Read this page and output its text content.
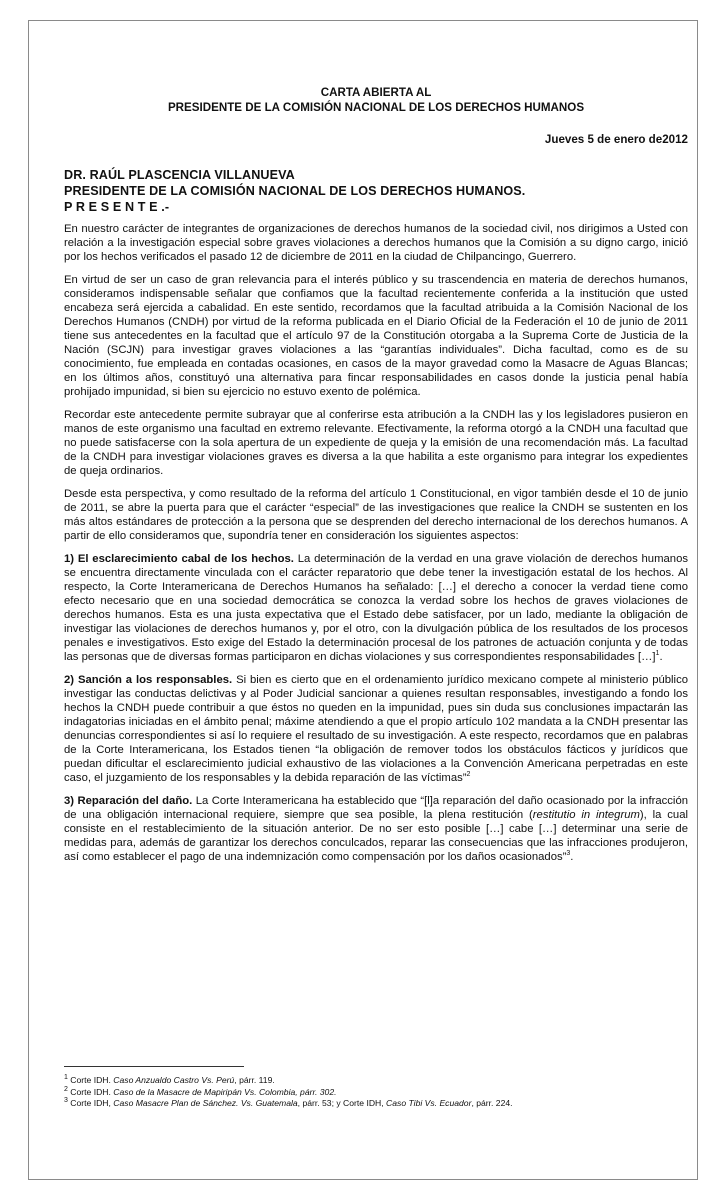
CARTA ABIERTA AL
PRESIDENTE DE LA COMISIÓN NACIONAL DE LOS DERECHOS HUMANOS
Jueves 5 de enero de2012
DR. RAÚL PLASCENCIA VILLANUEVA
PRESIDENTE DE LA COMISIÓN NACIONAL DE LOS DERECHOS HUMANOS.
P R E S E N T E .-

En nuestro carácter de integrantes de organizaciones de derechos humanos de la sociedad civil, nos dirigimos a Usted con relación a la investigación especial sobre graves violaciones a derechos humanos que la Comisión a su digno cargo, inició por los hechos verificados el pasado 12 de diciembre de 2011 en la ciudad de Chilpancingo, Guerrero.

En virtud de ser un caso de gran relevancia para el interés público y su trascendencia en materia de derechos humanos, consideramos indispensable señalar que confiamos que la facultad recientemente conferida a la institución que usted encabeza será ejercida a cabalidad. En este sentido, recordamos que la facultad atribuida a la Comisión Nacional de los Derechos Humanos (CNDH) por virtud de la reforma publicada en el Diario Oficial de la Federación el 10 de junio de 2011 tiene sus antecedentes en la facultad que el artículo 97 de la Constitución otorgaba a la Suprema Corte de Justicia de la Nación (SCJN) para investigar graves violaciones a las “garantías individuales”. Dicha facultad, como es de su conocimiento, fue empleada en contadas ocasiones, en casos de la mayor gravedad como la Masacre de Aguas Blancas; en los últimos años, constituyó una alternativa para fincar responsabilidades en casos donde la justicia penal había prohijado impunidad, si bien su ejercicio no estuvo exento de polémica.

Recordar este antecedente permite subrayar que al conferirse esta atribución a la CNDH las y los legisladores pusieron en manos de este organismo una facultad en extremo relevante. Efectivamente, la reforma otorgó a la CNDH una facultad que no puede satisfacerse con la sola apertura de un expediente de queja y la emisión de una recomendación más. La facultad de la CNDH para investigar violaciones graves es diversa a la que habilita a este organismo para integrar los expedientes de queja ordinarios.

Desde esta perspectiva, y como resultado de la reforma del artículo 1 Constitucional, en vigor también desde el 10 de junio de 2011, se abre la puerta para que el carácter “especial” de las investigaciones que realice la CNDH se sustenten en los más altos estándares de protección a la persona que se desprenden del derecho internacional de los derechos humanos. A partir de ello consideramos que, supondría tener en consideración los siguientes aspectos:

1) El esclarecimiento cabal de los hechos. La determinación de la verdad en una grave violación de derechos humanos se encuentra directamente vinculada con el carácter reparatorio que debe tener la investigación estatal de los hechos. Al respecto, la Corte Interamericana de Derechos Humanos ha señalado: […] el derecho a conocer la verdad tiene como efecto necesario que en una sociedad democrática se conozca la verdad sobre los hechos de graves violaciones de derechos humanos. Esta es una justa expectativa que el Estado debe satisfacer, por un lado, mediante la obligación de investigar las violaciones de derechos humanos y, por el otro, con la divulgación pública de los resultados de los procesos penales e investigativos. Esto exige del Estado la determinación procesal de los patrones de actuación conjunta y de todas las personas que de diversas formas participaron en dichas violaciones y sus correspondientes responsabilidades […]$^1$.

2) Sanción a los responsables. Si bien es cierto que en el ordenamiento jurídico mexicano compete al ministerio público investigar las conductas delictivas y al Poder Judicial sancionar a quienes resultan responsables, investigando a fondo los hechos la CNDH puede contribuir a que éstos no queden en la impunidad, pues sin duda sus conclusiones impactarán las indagatorias iniciadas en el ámbito penal; máxime atendiendo a que el propio artículo 102 mandata a la CNDH presentar las denuncias correspondientes si así lo requiere el resultado de su investigación. A este respecto, recordamos que en palabras de la Corte Interamericana, los Estados tienen “la obligación de remover todos los obstáculos fácticos y jurídicos que puedan dificultar el esclarecimiento judicial exhaustivo de las violaciones a la Convención Americana perpetradas en este caso, el juzgamiento de los responsables y la debida reparación de las víctimas”$^2$

3) Reparación del daño. La Corte Interamericana ha establecido que “[l]a reparación del daño ocasionado por la infracción de una obligación internacional requiere, siempre que sea posible, la plena restitución (restitutio in integrum), la cual consiste en el restablecimiento de la situación anterior. De no ser esto posible […] cabe […] determinar una serie de medidas para, además de garantizar los derechos conculcados, reparar las consecuencias que las infracciones produjeron, así como establecer el pago de una indemnización como compensación por los daños ocasionados”$^3$.

$^1$ Corte IDH. Caso Anzualdo Castro Vs. Perú, párr. 119.
$^2$ Corte IDH. Caso de la Masacre de Mapiripán Vs. Colombia, párr. 302.
$^3$ Corte IDH, Caso Masacre Plan de Sánchez. Vs. Guatemala, párr. 53; y Corte IDH, Caso Tibi Vs. Ecuador, párr. 224.
